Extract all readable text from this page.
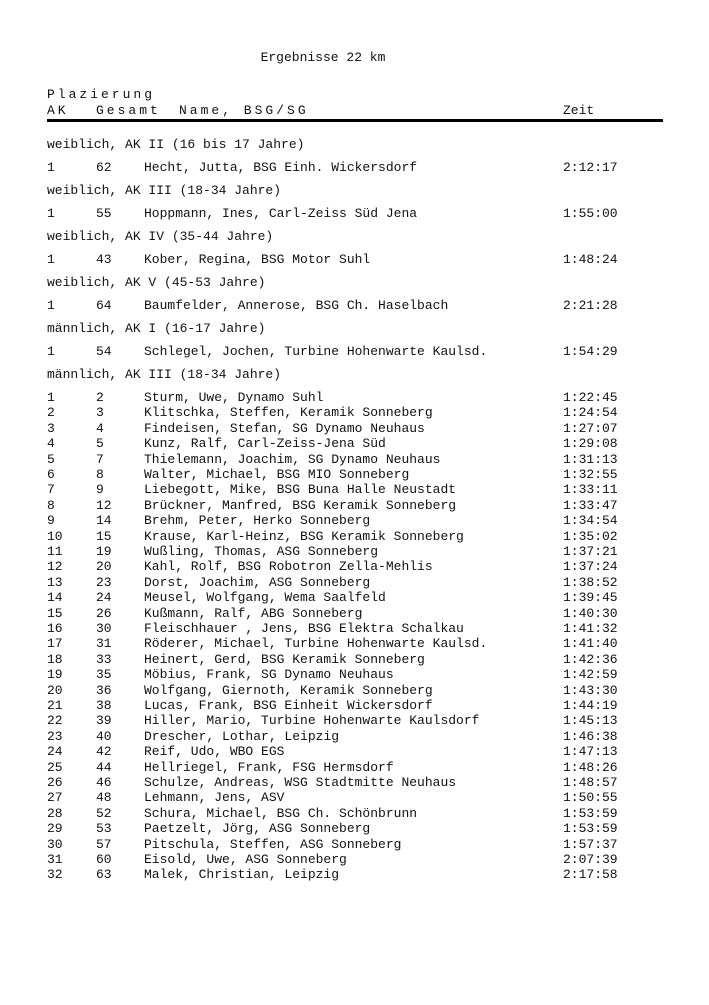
Ergebnisse 22 km
Plazierung
AK Gesamt Name, BSG/SG	Zeit
weiblich, AK II (16 bis 17 Jahre)
1	62 Hecht, Jutta, BSG Einh. Wickersdorf	2:12:17
weiblich, AK III (18-34 Jahre)
1	55 Hoppmann, Ines, Carl-Zeiss Süd Jena	1:55:00
weiblich, AK IV (35-44 Jahre)
1	43 Kober, Regina, BSG Motor Suhl	1:48:24
weiblich, AK V (45-53 Jahre)
1	64 Baumfelder, Annerose, BSG Ch. Haselbach	2:21:28
männlich, AK I (16-17 Jahre)
1	54 Schlegel, Jochen, Turbine Hohenwarte Kaulsd.	1:54:29
männlich, AK III (18-34 Jahre)
1	2	Sturm, Uwe, Dynamo Suhl	1:22:45
2	3	Klitschka, Steffen, Keramik Sonneberg	1:24:54
3	4	Findeisen, Stefan, SG Dynamo Neuhaus	1:27:07
4	5	Kunz, Ralf, Carl-Zeiss-Jena Süd	1:29:08
5	7	Thielemann, Joachim, SG Dynamo Neuhaus	1:31:13
6	8	Walter, Michael, BSG MIO Sonneberg	1:32:55
7	9	Liebegott, Mike, BSG Buna Halle Neustadt	1:33:11
8	12 Brückner, Manfred, BSG Keramik Sonneberg	1:33:47
9	14 Brehm, Peter, Herko Sonneberg	1:34:54
10	15 Krause, Karl-Heinz, BSG Keramik Sonneberg	1:35:02
11	19 Wußling, Thomas, ASG Sonneberg	1:37:21
12	20 Kahl, Rolf, BSG Robotron Zella-Mehlis	1:37:24
13	23 Dorst, Joachim, ASG Sonneberg	1:38:52
14	24 Meusel, Wolfgang, Wema Saalfeld	1:39:45
15	26 Kußmann, Ralf, ABG Sonneberg	1:40:30
16	30 Fleischhauer , Jens, BSG Elektra Schalkau	1:41:32
17	31 Röderer, Michael, Turbine Hohenwarte Kaulsd.	1:41:40
18	33 Heinert, Gerd, BSG Keramik Sonneberg	1:42:36
19	35 Möbius, Frank, SG Dynamo Neuhaus	1:42:59
20	36 Wolfgang, Giernoth, Keramik Sonneberg	1:43:30
21	38 Lucas, Frank, BSG Einheit Wickersdorf	1:44:19
22	39 Hiller, Mario, Turbine Hohenwarte Kaulsdorf	1:45:13
23	40 Drescher, Lothar, Leipzig	1:46:38
24	42 Reif, Udo, WBO EGS	1:47:13
25	44 Hellriegel, Frank, FSG Hermsdorf	1:48:26
26	46 Schulze, Andreas, WSG Stadtmitte Neuhaus	1:48:57
27	48 Lehmann, Jens, ASV	1:50:55
28	52 Schura, Michael, BSG Ch. Schönbrunn	1:53:59
29	53 Paetzelt, Jörg, ASG Sonneberg	1:53:59
30	57 Pitschula, Steffen, ASG Sonneberg	1:57:37
31	60 Eisold, Uwe, ASG Sonneberg	2:07:39
32	63 Malek, Christian, Leipzig	2:17:58
